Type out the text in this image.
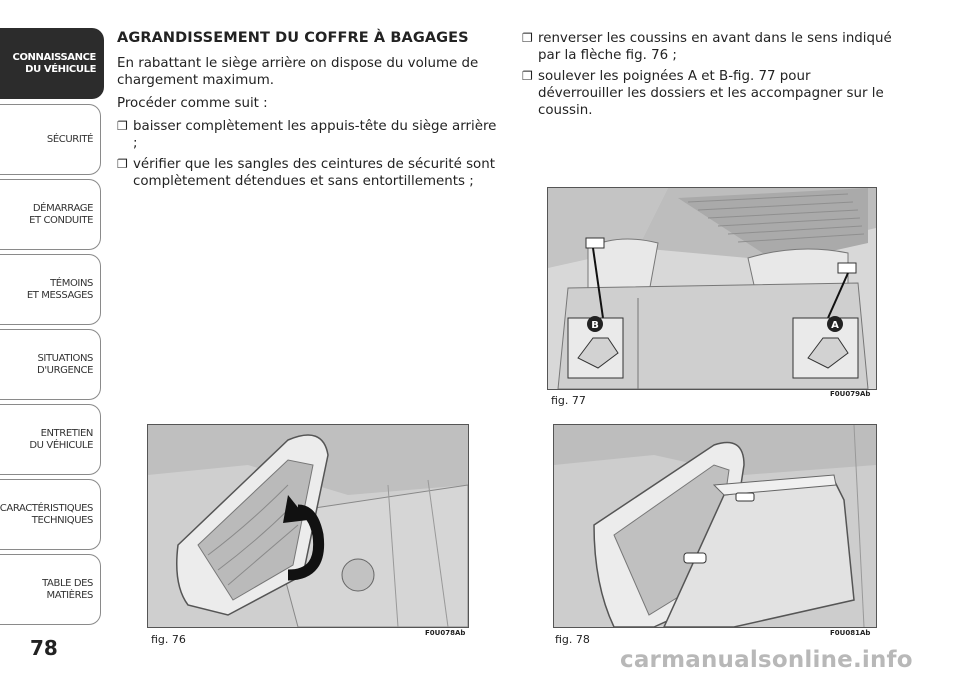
CONNAISSANCE
DU VÉHICULE
SÉCURITÉ
DÉMARRAGE
ET CONDUITE
TÉMOINS
ET MESSAGES
SITUATIONS
D'URGENCE
ENTRETIEN
DU VÉHICULE
CARACTÉRISTIQUES
TECHNIQUES
TABLE DES
MATIÈRES
78
AGRANDISSEMENT DU COFFRE À BAGAGES

En rabattant le siège arrière on dispose du volume de chargement maximum.

Procéder comme suit :

❐ baisser complètement les appuis-tête du siège arrière ;
❐ vérifier que les sangles des ceintures de sécurité sont complètement détendues et sans entortillements ;
❐ renverser les coussins en avant dans le sens indiqué par la flèche fig. 76 ;
❐ soulever les poignées A et B-fig. 77 pour déverrouiller les dossiers et les accompagner sur le coussin.
B	A
fig. 77	F0U079Ab
fig. 76	F0U078Ab	fig. 78	F0U081Ab
carmanualsonline.info
